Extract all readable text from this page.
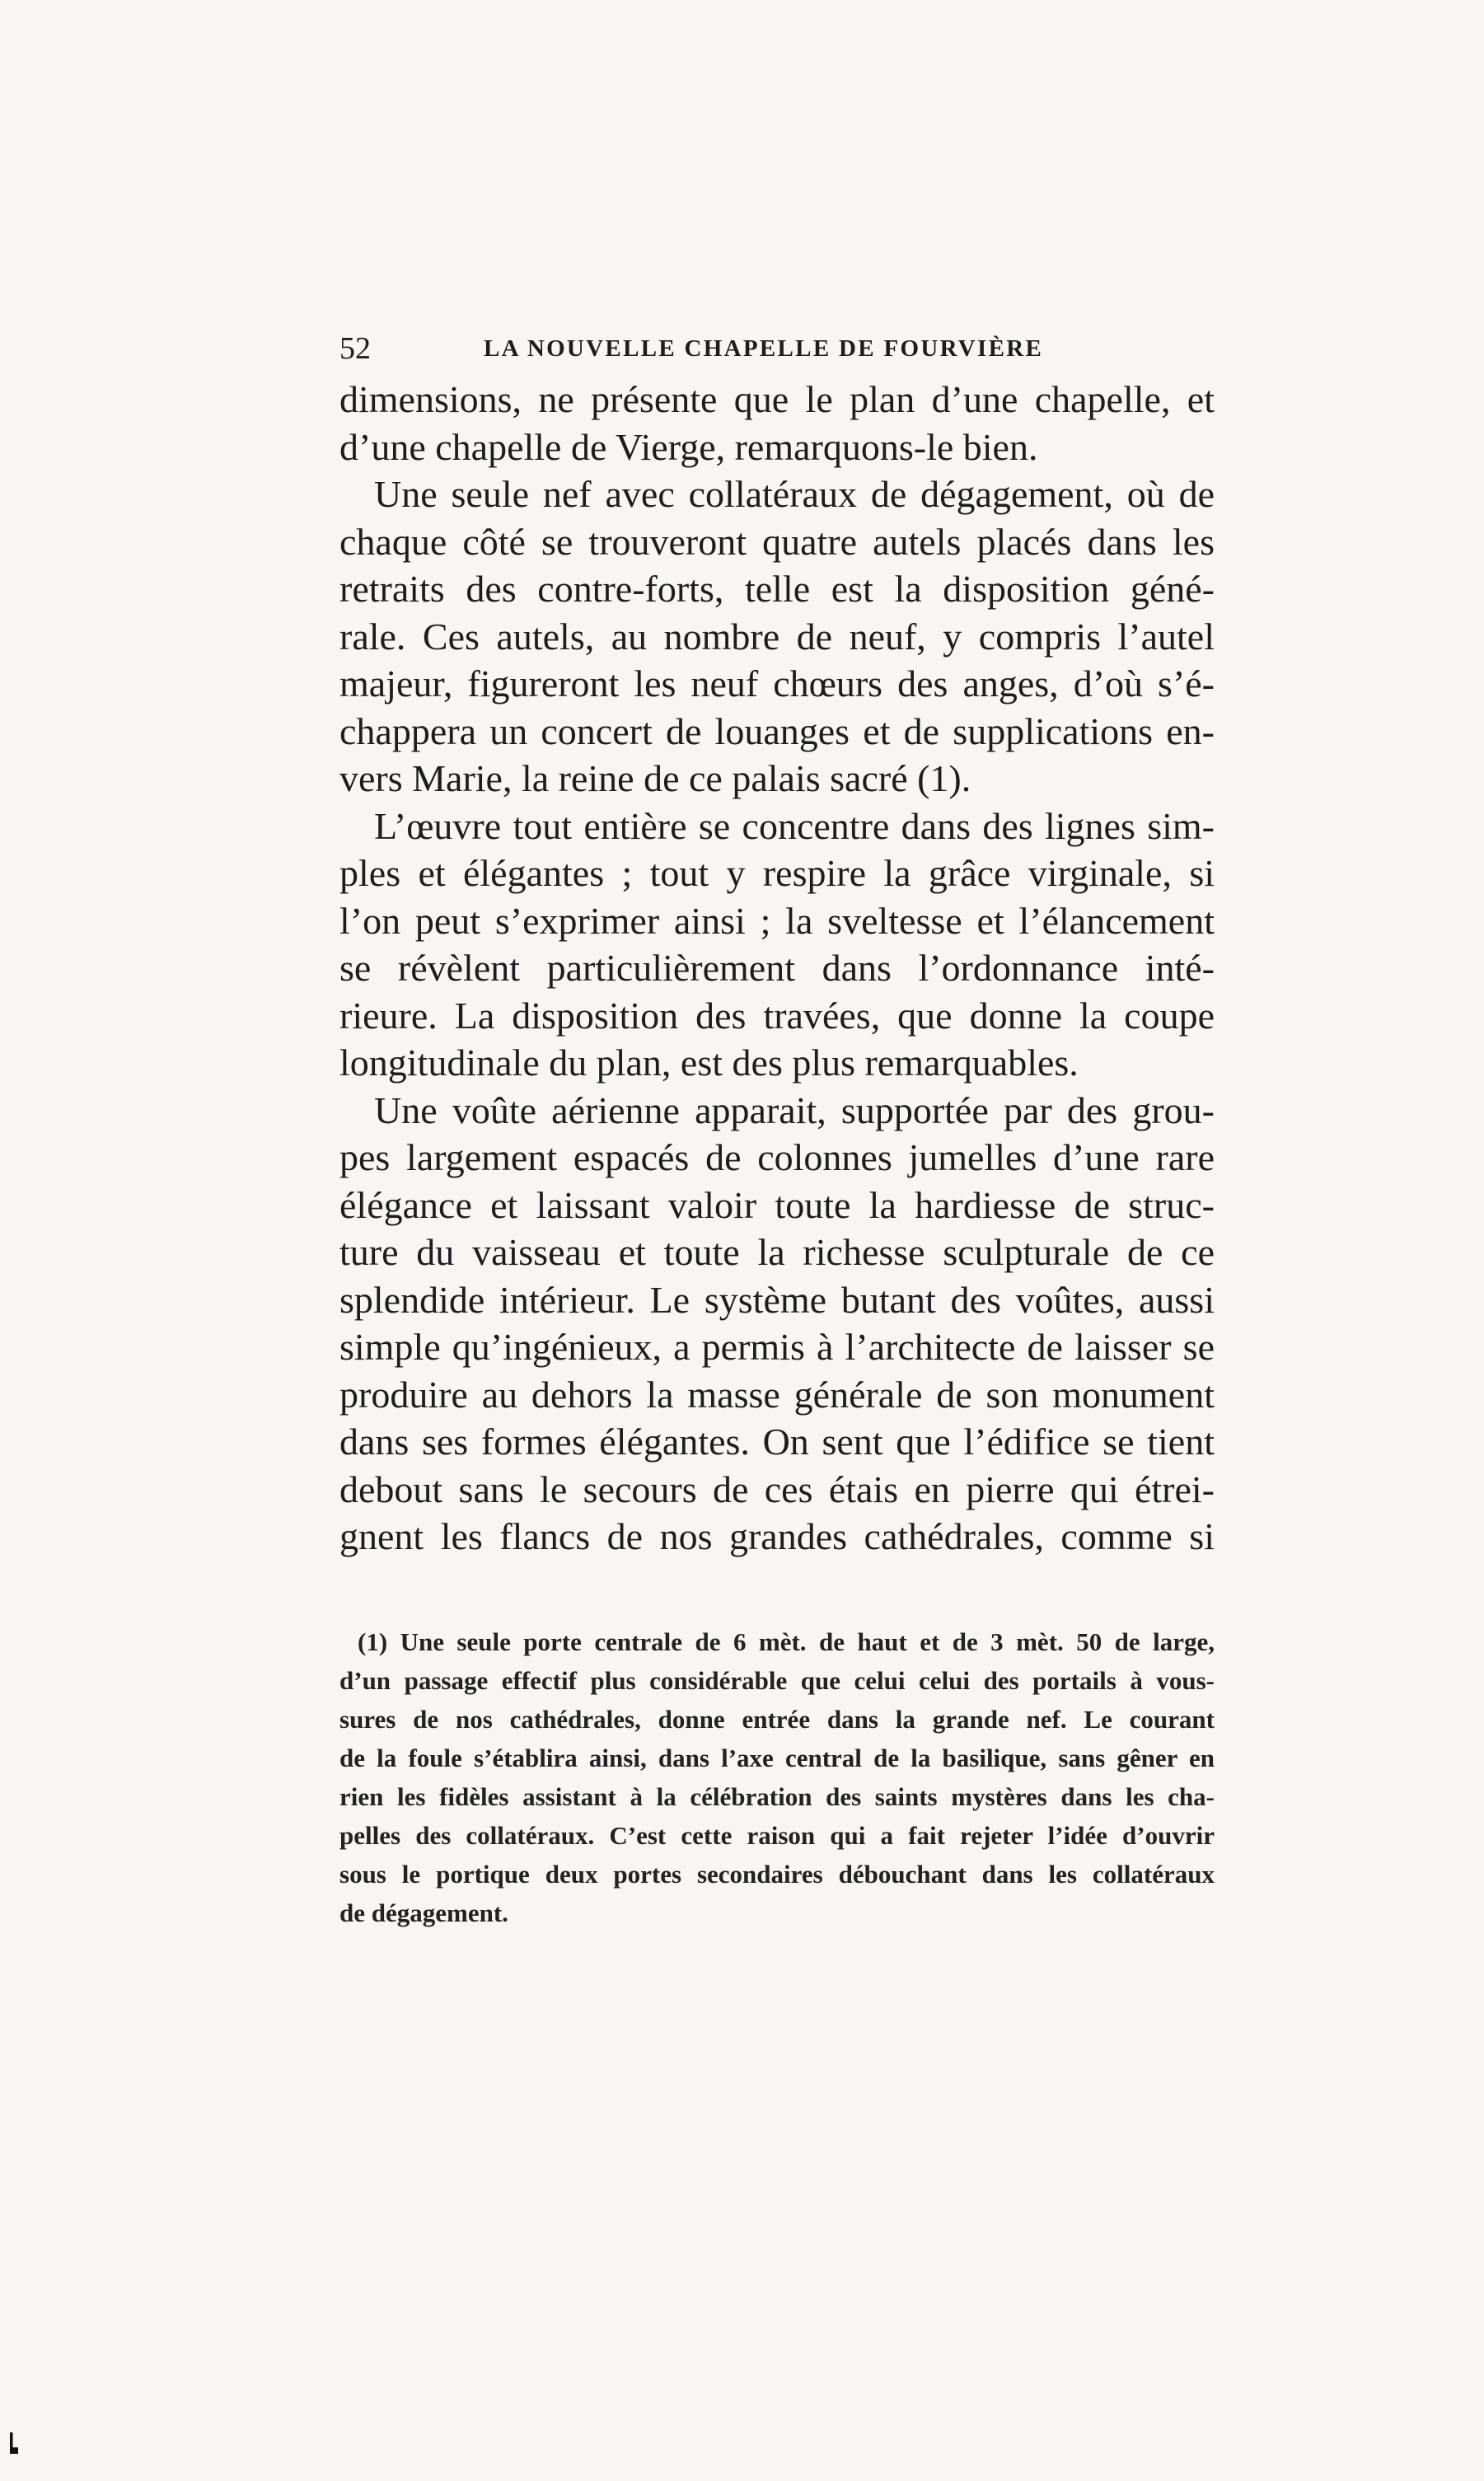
52	LA NOUVELLE CHAPELLE DE FOURVIÈRE
dimensions, ne présente que le plan d’une chapelle, et
d’une chapelle de Vierge, remarquons-le bien.
Une seule nef avec collatéraux de dégagement, où de
chaque côté se trouveront quatre autels placés dans les
retraits des contre-forts, telle est la disposition géné-
rale. Ces autels, au nombre de neuf, y compris l’autel
majeur, figureront les neuf chœurs des anges, d’où s’é-
chappera un concert de louanges et de supplications en-
vers Marie, la reine de ce palais sacré (1).
L’œuvre tout entière se concentre dans des lignes sim-
ples et élégantes ; tout y respire la grâce virginale, si
l’on peut s’exprimer ainsi ; la sveltesse et l’élancement
se révèlent particulièrement dans l’ordonnance inté-
rieure. La disposition des travées, que donne la coupe
longitudinale du plan, est des plus remarquables.
Une voûte aérienne apparait, supportée par des grou-
pes largement espacés de colonnes jumelles d’une rare
élégance et laissant valoir toute la hardiesse de struc-
ture du vaisseau et toute la richesse sculpturale de ce
splendide intérieur. Le système butant des voûtes, aussi
simple qu’ingénieux, a permis à l’architecte de laisser se
produire au dehors la masse générale de son monument
dans ses formes élégantes. On sent que l’édifice se tient
debout sans le secours de ces étais en pierre qui étrei-
gnent les flancs de nos grandes cathédrales, comme si
(1) Une seule porte centrale de 6 mèt. de haut et de 3 mèt. 50 de large,
d’un passage effectif plus considérable que celui celui des portails à vous-
sures de nos cathédrales, donne entrée dans la grande nef. Le courant
de la foule s’établira ainsi, dans l’axe central de la basilique, sans gêner en
rien les fidèles assistant à la célébration des saints mystères dans les cha-
pelles des collatéraux. C’est cette raison qui a fait rejeter l’idée d’ouvrir
sous le portique deux portes secondaires débouchant dans les collatéraux
de dégagement.
